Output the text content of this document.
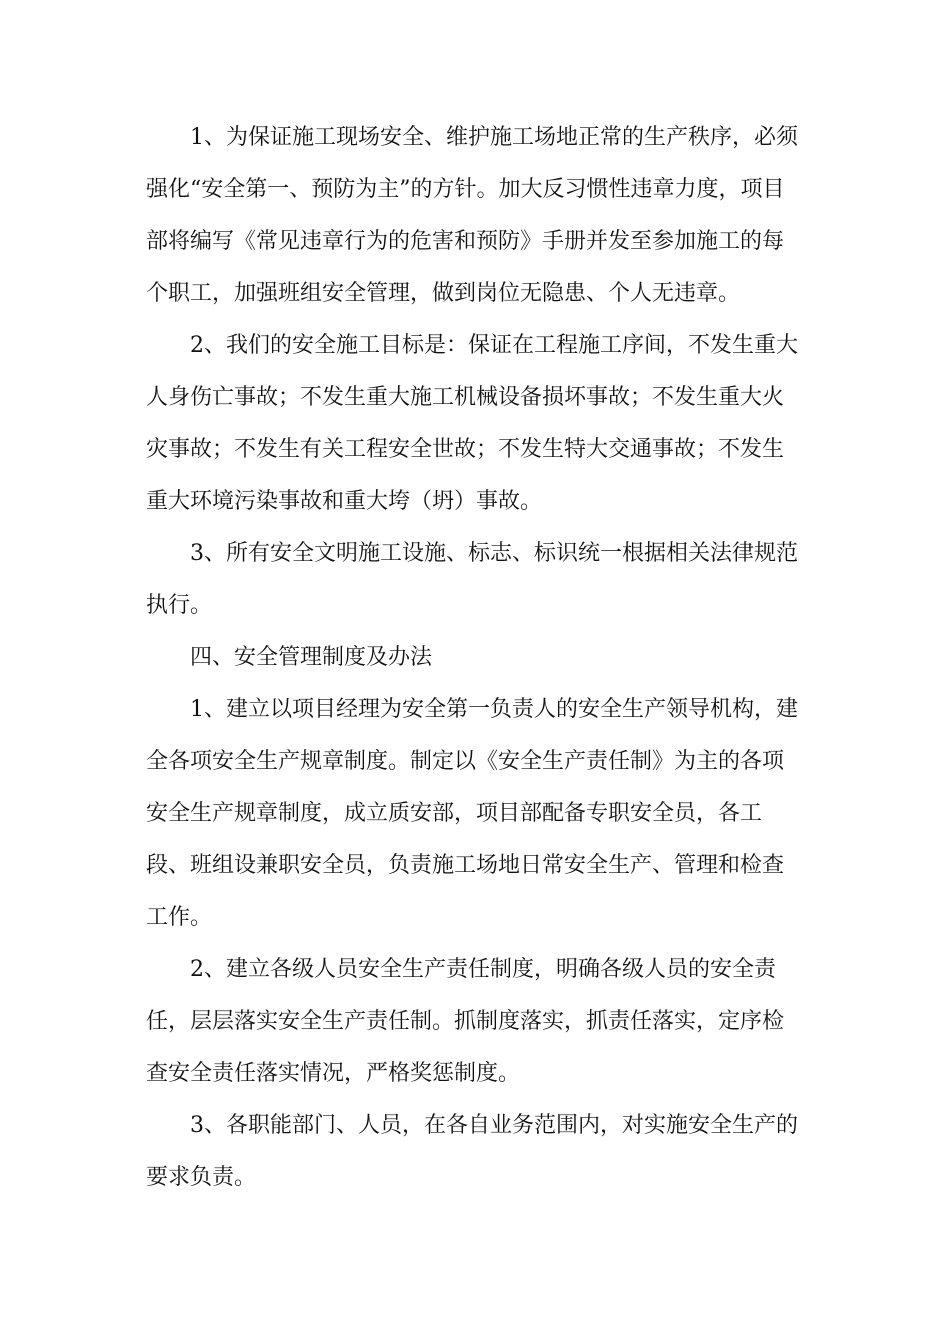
1、为保证施工现场安全、维护施工场地正常的生产秩序，必须
强化“安全第一、预防为主”的方针。加大反习惯性违章力度，项目
部将编写《常见违章行为的危害和预防》手册并发至参加施工的每
个职工，加强班组安全管理，做到岗位无隐患、个人无违章。
2、我们的安全施工目标是：保证在工程施工序间，不发生重大
人身伤亡事故；不发生重大施工机械设备损坏事故；不发生重大火
灾事故；不发生有关工程安全世故；不发生特大交通事故；不发生
重大环境污染事故和重大垮（坍）事故。
3、所有安全文明施工设施、标志、标识统一根据相关法律规范
执行。
四、安全管理制度及办法
1、建立以项目经理为安全第一负责人的安全生产领导机构，建
全各项安全生产规章制度。制定以《安全生产责任制》为主的各项
安全生产规章制度，成立质安部，项目部配备专职安全员，各工
段、班组设兼职安全员，负责施工场地日常安全生产、管理和检查
工作。
2、建立各级人员安全生产责任制度，明确各级人员的安全责
任，层层落实安全生产责任制。抓制度落实，抓责任落实，定序检
查安全责任落实情况，严格奖惩制度。
3、各职能部门、人员，在各自业务范围内，对实施安全生产的
要求负责。
